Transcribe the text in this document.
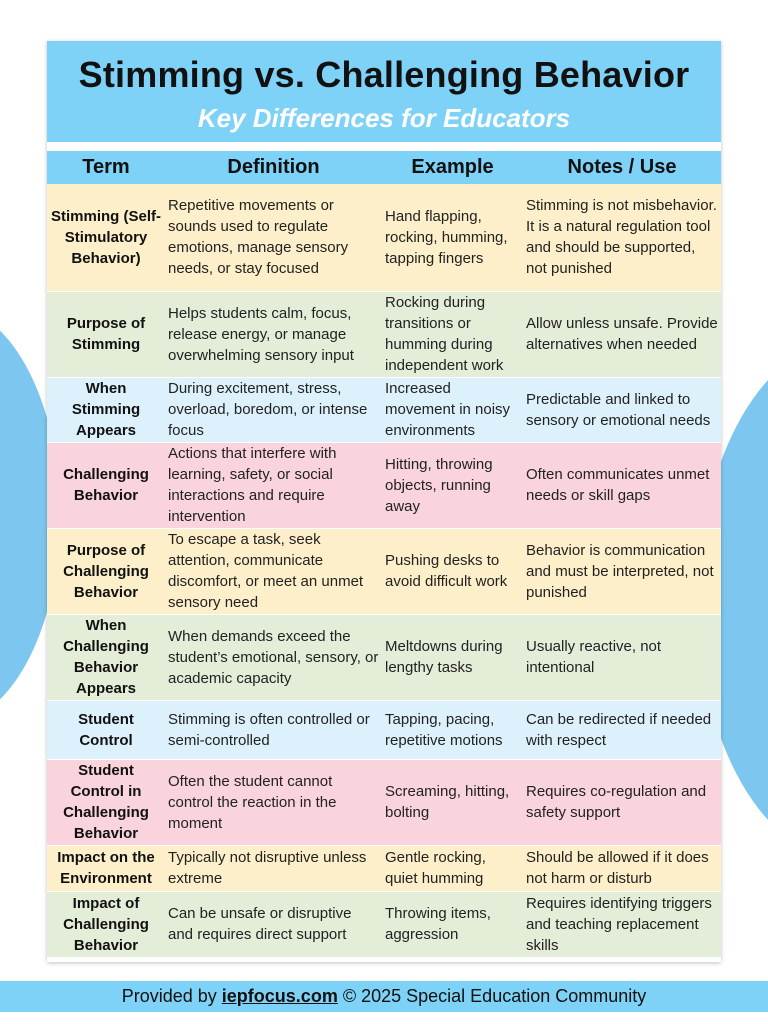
Stimming vs. Challenging Behavior
Key Differences for Educators
Term	Definition	Example	Notes / Use
Stimming (Self-Stimulatory Behavior)	Repetitive movements or sounds used to regulate emotions, manage sensory needs, or stay focused	Hand flapping, rocking, humming, tapping fingers	Stimming is not misbehavior. It is a natural regulation tool and should be supported, not punished
Purpose of Stimming	Helps students calm, focus, release energy, or manage overwhelming sensory input	Rocking during transitions or humming during independent work	Allow unless unsafe. Provide alternatives when needed
When Stimming Appears	During excitement, stress, overload, boredom, or intense focus	Increased movement in noisy environments	Predictable and linked to sensory or emotional needs
Challenging Behavior	Actions that interfere with learning, safety, or social interactions and require intervention	Hitting, throwing objects, running away	Often communicates unmet needs or skill gaps
Purpose of Challenging Behavior	To escape a task, seek attention, communicate discomfort, or meet an unmet sensory need	Pushing desks to avoid difficult work	Behavior is communication and must be interpreted, not punished
When Challenging Behavior Appears	When demands exceed the student’s emotional, sensory, or academic capacity	Meltdowns during lengthy tasks	Usually reactive, not intentional
Student Control	Stimming is often controlled or semi-controlled	Tapping, pacing, repetitive motions	Can be redirected if needed with respect
Student Control in Challenging Behavior	Often the student cannot control the reaction in the moment	Screaming, hitting, bolting	Requires co-regulation and safety support
Impact on the Environment	Typically not disruptive unless extreme	Gentle rocking, quiet humming	Should be allowed if it does not harm or disturb
Impact of Challenging Behavior	Can be unsafe or disruptive and requires direct support	Throwing items, aggression	Requires identifying triggers and teaching replacement skills
Provided by iepfocus.com © 2025 Special Education Community
